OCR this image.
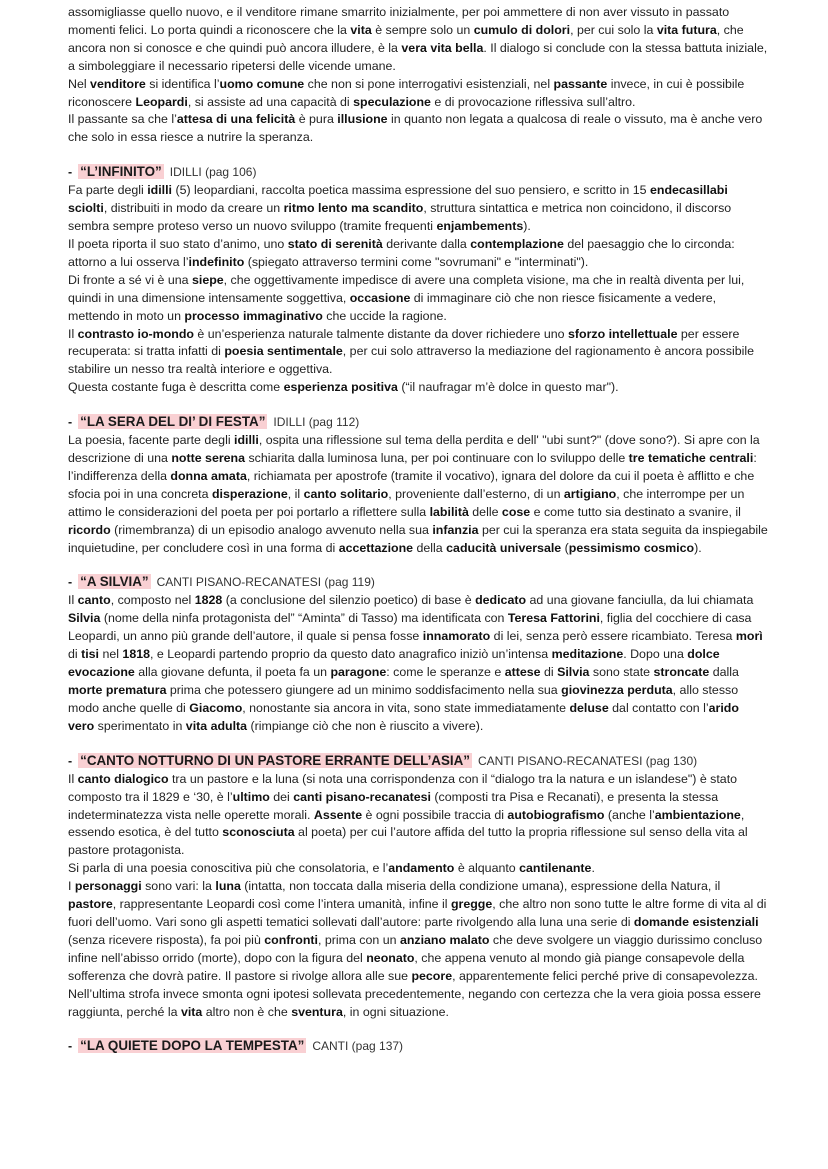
assomigliasse quello nuovo, e il venditore rimane smarrito inizialmente, per poi ammettere di non aver vissuto in passato momenti felici. Lo porta quindi a riconoscere che la vita è sempre solo un cumulo di dolori, per cui solo la vita futura, che ancora non si conosce e che quindi può ancora illudere, è la vera vita bella. Il dialogo si conclude con la stessa battuta iniziale, a simboleggiare il necessario ripetersi delle vicende umane.

Nel venditore si identifica l’uomo comune che non si pone interrogativi esistenziali, nel passante invece, in cui è possibile riconoscere Leopardi, si assiste ad una capacità di speculazione e di provocazione riflessiva sull’altro.

Il passante sa che l’attesa di una felicità è pura illusione in quanto non legata a qualcosa di reale o vissuto, ma è anche vero che solo in essa riesce a nutrire la speranza.

- “L’INFINITO” IDILLI (pag 106)

Fa parte degli idilli (5) leopardiani, raccolta poetica massima espressione del suo pensiero, e scritto in 15 endecasillabi sciolti, distribuiti in modo da creare un ritmo lento ma scandito, struttura sintattica e metrica non coincidono, il discorso sembra sempre proteso verso un nuovo sviluppo (tramite frequenti enjambements).

Il poeta riporta il suo stato d’animo, uno stato di serenità derivante dalla contemplazione del paesaggio che lo circonda: attorno a lui osserva l’indefinito (spiegato attraverso termini come "sovrumani" e "interminati").

Di fronte a sé vi è una siepe, che oggettivamente impedisce di avere una completa visione, ma che in realtà diventa per lui, quindi in una dimensione intensamente soggettiva, occasione di immaginare ciò che non riesce fisicamente a vedere, mettendo in moto un processo immaginativo che uccide la ragione.

Il contrasto io-mondo è un’esperienza naturale talmente distante da dover richiedere uno sforzo intellettuale per essere recuperata: si tratta infatti di poesia sentimentale, per cui solo attraverso la mediazione del ragionamento è ancora possibile stabilire un nesso tra realtà interiore e oggettiva.

Questa costante fuga è descritta come esperienza positiva (“il naufragar m’è dolce in questo mar").

- “LA SERA DEL DI’ DI FESTA” IDILLI (pag 112)

La poesia, facente parte degli idilli, ospita una riflessione sul tema della perdita e dell' "ubi sunt?" (dove sono?). Si apre con la descrizione di una notte serena schiarita dalla luminosa luna, per poi continuare con lo sviluppo delle tre tematiche centrali: l’indifferenza della donna amata, richiamata per apostrofe (tramite il vocativo), ignara del dolore da cui il poeta è afflitto e che sfocia poi in una concreta disperazione, il canto solitario, proveniente dall’esterno, di un artigiano, che interrompe per un attimo le considerazioni del poeta per poi portarlo a riflettere sulla labilità delle cose e come tutto sia destinato a svanire, il ricordo (rimembranza) di un episodio analogo avvenuto nella sua infanzia per cui la speranza era stata seguita da inspiegabile inquietudine, per concludere così in una forma di accettazione della caducità universale (pessimismo cosmico).

- “A SILVIA” CANTI PISANO-RECANATESI (pag 119)

Il canto, composto nel 1828 (a conclusione del silenzio poetico) di base è dedicato ad una giovane fanciulla, da lui chiamata Silvia (nome della ninfa protagonista del” “Aminta” di Tasso) ma identificata con Teresa Fattorini, figlia del cocchiere di casa Leopardi, un anno più grande dell’autore, il quale si pensa fosse innamorato di lei, senza però essere ricambiato. Teresa morì di tisi nel 1818, e Leopardi partendo proprio da questo dato anagrafico iniziò un’intensa meditazione. Dopo una dolce evocazione alla giovane defunta, il poeta fa un paragone: come le speranze e attese di Silvia sono state stroncate dalla morte prematura prima che potessero giungere ad un minimo soddisfacimento nella sua giovinezza perduta, allo stesso modo anche quelle di Giacomo, nonostante sia ancora in vita, sono state immediatamente deluse dal contatto con l’arido vero sperimentato in vita adulta (rimpiange ciò che non è riuscito a vivere).

- “CANTO NOTTURNO DI UN PASTORE ERRANTE DELL’ASIA” CANTI PISANO-RECANATESI (pag 130)

Il canto dialogico tra un pastore e la luna (si nota una corrispondenza con il “dialogo tra la natura e un islandese") è stato composto tra il 1829 e ‘30, è l’ultimo dei canti pisano-recanatesi (composti tra Pisa e Recanati), e presenta la stessa indeterminatezza vista nelle operette morali. Assente è ogni possibile traccia di autobiografismo (anche l’ambientazione, essendo esotica, è del tutto sconosciuta al poeta) per cui l’autore affida del tutto la propria riflessione sul senso della vita al pastore protagonista.

Si parla di una poesia conoscitiva più che consolatoria, e l’andamento è alquanto cantilenante.

I personaggi sono vari: la luna (intatta, non toccata dalla miseria della condizione umana), espressione della Natura, il pastore, rappresentante Leopardi così come l’intera umanità, infine il gregge, che altro non sono tutte le altre forme di vita al di fuori dell’uomo. Vari sono gli aspetti tematici sollevati dall’autore: parte rivolgendo alla luna una serie di domande esistenziali (senza ricevere risposta), fa poi più confronti, prima con un anziano malato che deve svolgere un viaggio durissimo concluso infine nell’abisso orrido (morte), dopo con la figura del neonato, che appena venuto al mondo già piange consapevole della sofferenza che dovrà patire. Il pastore si rivolge allora alle sue pecore, apparentemente felici perché prive di consapevolezza. Nell’ultima strofa invece smonta ogni ipotesi sollevata precedentemente, negando con certezza che la vera gioia possa essere raggiunta, perché la vita altro non è che sventura, in ogni situazione.

- “LA QUIETE DOPO LA TEMPESTA” CANTI (pag 137)
